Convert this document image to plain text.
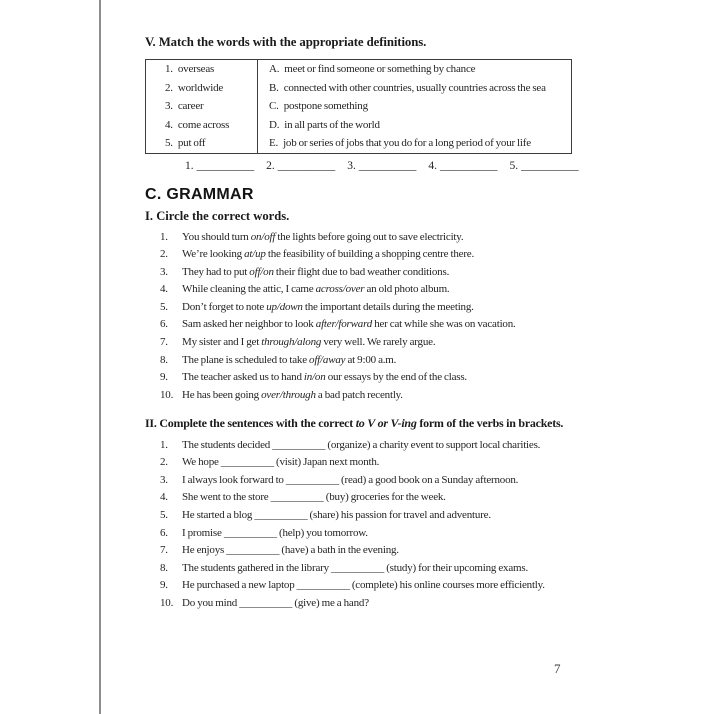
V. Match the words with the appropriate definitions.
1. overseas	A. meet or find someone or something by chance
2. worldwide	B. connected with other countries, usually countries across the sea
3. career	C. postpone something
4. come across	D. in all parts of the world
5. put off	E. job or series of jobs that you do for a long period of your life
1. __________ 2. __________ 3. __________ 4. __________ 5. __________
C. GRAMMAR
I. Circle the correct words.
1.	You should turn on/off the lights before going out to save electricity.
2.	We’re looking at/up the feasibility of building a shopping centre there.
3.	They had to put off/on their flight due to bad weather conditions.
4.	While cleaning the attic, I came across/over an old photo album.
5.	Don’t forget to note up/down the important details during the meeting.
6.	Sam asked her neighbor to look after/forward her cat while she was on vacation.
7.	My sister and I get through/along very well. We rarely argue.
8.	The plane is scheduled to take off/away at 9:00 a.m.
9.	The teacher asked us to hand in/on our essays by the end of the class.
10. He has been going over/through a bad patch recently.
II. Complete the sentences with the correct to V or V-ing form of the verbs in brackets.
1.	The students decided __________ (organize) a charity event to support local charities.
2.	We hope __________ (visit) Japan next month.
3.	I always look forward to __________ (read) a good book on a Sunday afternoon.
4.	She went to the store __________ (buy) groceries for the week.
5.	He started a blog __________ (share) his passion for travel and adventure.
6.	I promise __________ (help) you tomorrow.
7.	He enjoys __________ (have) a bath in the evening.
8.	The students gathered in the library __________ (study) for their upcoming exams.
9.	He purchased a new laptop __________ (complete) his online courses more efficiently.
10. Do you mind __________ (give) me a hand?
7
